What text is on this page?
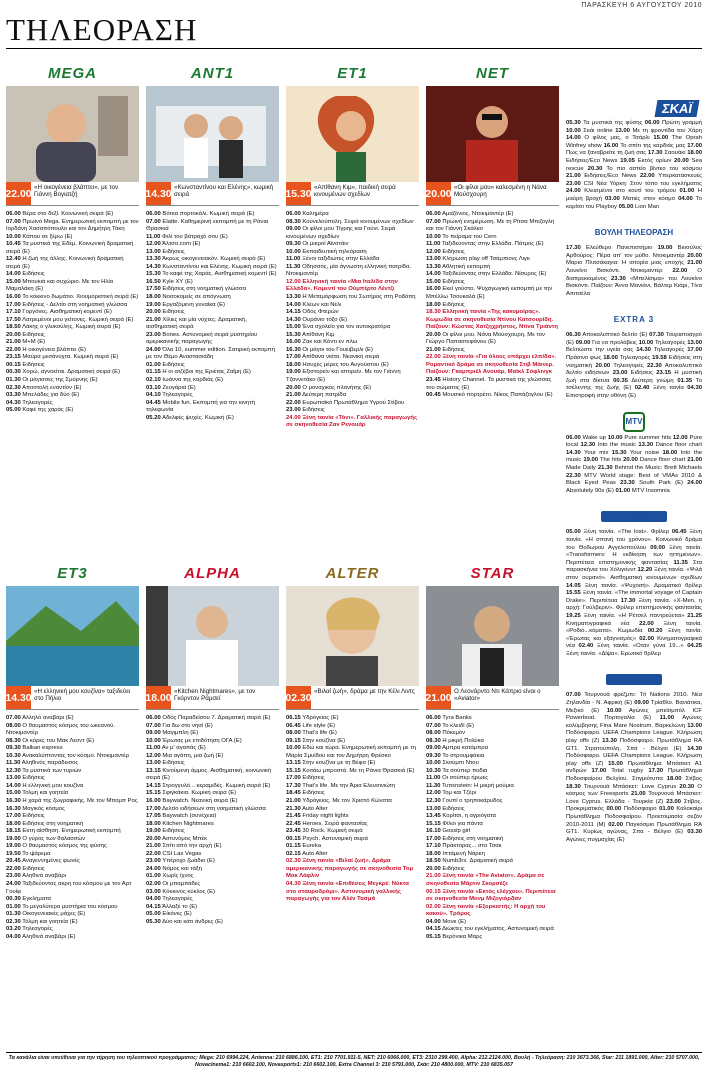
ΠΑΡΑΣΚΕΥΗ 6 ΑΥΓΟΥΣΤΟΥ 2010
ΤΗΛΕΟΡΑΣΗ
MEGA
22.00 «Η οικογένεια βλάπτει», με τον Γιάννη Βογιατζή
06.00 Βέρα στο δεξί. Κοινωνική σειρά (Ε)
07.00 Πρωινό Mega. Ενημερωτική εκπομπή με τον Ιορδάνη Χασαπόπουλο και τον Δημήτρη Τάκη
10.00 Κάπου σε ξέρω (Ε)
10.45 Τα μυστικά της Εδέμ. Κοινωνική δραματική σειρά (Ε)
12.40 Η ζωή της άλλης. Κοινωνική δραματική σειρά (Ε)
14.00 Ειδήσεις
15.00 Μπουκιά και συχώριο. Με τον Ηλία Μαμαλάκη (Ε)
16.00 Το κόκκινο δωμάτιο. Χιουμοριστική σειρά (Ε)
17.00 Ειδήσεις - Δελτίο στη νοηματική γλώσσα
17.10 Γοργόνες. Αισθηματική κομεντί (Ε)
17.50 Λατρεμένοι μου γείτονες. Κωμική σειρά (Ε)
18.50 Λάκης ο γλυκούλης. Κωμική σειρά (Ε)
20.00 Ειδήσεις
21.00 M+M (E)
22.00 Η οικογένεια βλάπτει (Ε)
23.15 Μαύρα μεσάνυχτα. Κωμική σειρά (Ε)
00.15 Ειδήσεις
00.30 Χορώ, αγνοείται. Δραματική σειρά (Ε)
01.30 Οι μάγισσες της Σμύρνης (Ε)
02.30 Αποστολή εναντίον (Ε)
03.30 Μπελάδες για δύο (Ε)
04.30 Τηλεαγορές
05.00 Καφέ της χαράς (Ε)
ANT1
14.30 «Κωνσταντίνου και Ελένης», κωμική σειρά
06.00 Βότκα πορτοκάλι. Κωμική σειρά (Ε)
07.00 Elatte. Καθημερινή εκπομπή με τη Ράνια Θρασκιά
11.00 Φιλί του βάτραχό σου (Ε)
12.00 Άλτσο.com (Ε)
13.00 Ειδήσεις
13.30 Άκρως οικογενειακόν. Κωμική σειρά (Ε)
14.30 Κωνσταντίνου και Ελένης. Κωμική σειρά (Ε)
15.30 Το καφέ της Χαράς. Αισθηματική κομεντί (Ε)
16.50 Kyle XY (Ε)
17.50 Ειδήσεις στη νοηματική γλώσσα
18.00 Νοσοκομείς σε απόγνωση
19.00 Εργαζόμενη γυναίκα (Ε)
20.00 Ειδήσεις
21.00 Χίλιες και μία νύχτες. Δραματική, αισθηματική σειρά
23.00 Bones. Αστυνομική σειρά μυστηρίου αμερικανικής παραγωγής
24.00 Όλα 10, summer edition. Σατιρική εκπομπή με τον Θέμο Αναστασιάδη
01.00 Ειδήσεις
01.15 Η οι ατζέβοι της Εριέτας Ζαΐμη (Ε)
02.10 Ιωάννα της καρδιάς (Ε)
03.10 Ζευγάρια (Ε)
04.10 Τηλεαγορές
04.45 Mobile fun. Εκπομπή για την κινητή τηλεφωνία
05.20 Αδελφές ψυχές. Κωμική (Ε)
ET1
15.30 «Απίθανη Κιμ», παιδική σειρά κινουμένων σχεδίων
06.00 Καλημέρα
08.30 Κουνελούπολη. Σειρά κινουμένων σχεδίων
09.00 Οι φίλοι μου Τίγρης και Γούνι. Σειρά κινουμένων σχεδίων
09.30 Οι μικροί Αϊνστάιν
10.00 Εκπαιδευτική τηλεόραση
11.00 Ξένοι ταξιδιώτες στην Ελλάδα
11.30 Οδησσός, μία άγνωστη ελληνική πατρίδα. Ντοκιμαντέρ
12.00 Ελληνική ταινία «Μια Ιταλίδα στην Ελλάδα». Κομεντί του Ούμπέρτο Λέντζι
13.30 Η Μεταμόρφωση του Σωτήρος στη Ροδόπη
14.00 Κλέων και Νέλι
14.15 Οδός Φτερών
14.30 Ουράνιο τόξο (Ε)
15.00 Ένα σχολείο για τον αυτοκρατόρα
15.30 Απίθανη Κιμ
16.00 Ζακ και Κόντι εν πλω
16.30 Οι μάγοι του Γουέιβερλι (Ε)
17.00 Απίθανα νιάτα. Νεανική σειρά
18.00 Ησυχές μέρες του Αυγούστου (Ε)
19.00 Εξιστορείν και ιστορείν. Με τον Γιάννη Τζαννετάκο (Ε)
20.00 Ο μοναχικός πλανήτης (Ε)
21.00 Δεύτερη πατρίδα
22.00 Ευρωπαϊκό Πρωτάθλημα Υγρού Στίβου
23.00 Ειδήσεις
24.00 Ξένη ταινία «Τόνι». Γαλλικής παραγωγής σε σκηνοθεσία Ζαν Ρενουάρ
NET
20.00 «Οι φίλοι μου» καλεσμένη η Νάνα Μούσχουρη
06.00 Αμαζόνιος. Ντοκιμαντέρ (Ε)
07.00 Πρωινή ενημέρωση. Με τη Ρίτσα Μπιζογλη και τον Γιάννη Σκάλκο
10.00 Το πείραμα του Cern
11.00 Ταξιδεύοντας στην Ελλάδα. Πάτμος (Ε)
12.00 Ειδήσεις
13.00 Κλήρωση play off Τσάμπιονς Λιγκ
13.30 Αθλητική εκπομπή
14.00 Ταξιδεύοντας στην Ελλάδα. Νίσυρος (Ε)
15.00 Ειδήσεις
16.00 Εκεί γούστο. Ψυχαγωγική εκπομπή με την Μπέλλω Τσουκαλά (Ε)
18.00 Ειδήσεις
18.30 Ελληνική ταινία «Της κακομοίρας». Κωμωδία σε σκηνοθεσία Ντίνου Κατσουρίδη. Παίζουν: Κώστας Χατζηχρήστος, Ντίνα Τριάντη
20.00 Οι φίλοι μου. Νάνα Μούσχουρη. Με τον Γιώργο Παπαστεφάνου (Ε)
21.00 Ειδήσεις
22.00 Ξένη ταινία «Για όλους υπάρχει ελπίδα». Ρομαντικό δράμα σε σκηνοθεσία Στιβ Μάινερ. Παίζουν: Γκαμπριέλ Ανουάρ, Μαϊκλ Σόφλινγκ
23.45 History Channel. Τα μυστικά της γλώσσας του σώματος (Ε)
00.45 Μουσικό πορτρέτο. Νίκος Παπάζογλου (Ε)
ΕΤ3
14.30 «Η ελληνική μου κουζίνα» ταξιδεύει στο Πήλιο
07.00 Αλληλό αναβάρι (Ε)
08.00 Ο θαυμαστός κόσμος του ωκεανού. Ντοκιμαντέρ
08.30 Οι κόρες του Μακ Λεοντ (Ε)
09.30 Balkan express
10.30 Ανακαλύπτοντας τον κόσμο. Ντοκιμαντέρ
11.30 Αληθινός παράδεισος
12.30 Τα μυστικά των τυριών
13.00 Ειδήσεις
14.00 Η ελληνική μου κουζίνα
15.00 Τόλμη και γοητεία
16.30 Η χαρά της ζωγραφικής. Με τον Μπομπ Ρος
16.30 Μαγικός κόσμος
17.00 Ειδήσεις
18.00 Ειδήσεις στη νοηματική
18.15 Εκτη αίσθηση. Ενημερωτική εκπομπή
19.00 Ο γύρος των θαλασσών
19.00 Ο θαυμαστός κόσμος της φύσης
19.50 Το ψάρεμα
20.45 Αναγεννημένες φωνές
22.00 Ειδήσεις
23.00 Αληθινά αναβάρι
24.00 Ταξιδεύοντας ακρη του κόσμου με τον Αρτ Γουίφ
00.30 Εγκλήματα
01.00 Το μεγαλύτερα μυστήρια του κόσμου
01.30 Οικογενειακές μάχες (Ε)
02.30 Τόλμη και γοητεία (Ε)
03.20 Τηλεαγορές
04.00 Αληθινά αναβάρι (Ε)
ALPHA
18.00 «Kitchen Nightmares», με τον Γκόρντον Ράμσεϊ
06.00 Οδός Παραδείσου 7. Δραματική σειρά (Ε)
07.00 Για δω στο νησί (Ε)
09.00 Μαγιμπλη (Ε)
10.00 Έρωτας με επιδότηση ΟΓΑ (Ε)
11.00 Αν μ' αγαπάς (Ε)
12.00 Μια αγάπη, μια ζωή (Ε)
13.00 Ειδήσεις
13.15 Κινούμενη άμμος. Αισθηματική, κοινωνική σειρά (Ε)
14.15 Στρογγυλό... κεραμιδές. Κωμική σειρά (Ε)
15.15 Σφιγκάκια. Κωμική σειρά (Ε)
16.00 Baywatch. Νεανική σειρά (Ε)
17.00 Δελτίο ειδήσεων στη νοηματική γλώσσα
17.05 Baywatch (συνέχεια)
18.00 Kitchen Nightmares
19.00 Ειδήσεις
20.00 Αστυνόμος Μπέκ
21.00 Σπίτι από την αρχή (Ε)
22.00 CSI Las Vegas
23.00 Υπέροχο ζωάδιο (Ε)
24.00 Νόμος και τάξη
01.00 Χωρίς ίχνος
02.00 Οι μπαμπάδες
03.00 Κόκκινος κύκλος (Ε)
04.00 Τηλεαγορές
04.15 Άλλαξέ το (Ε)
05.00 Είκόνες (Ε)
05.30 Δύο και κάτι άνδρες (Ε)
ALTER
02.30 «Βιλαί ζωή», δράμα με την Κέλι Λιντς
06.15 Υδρόγειος (Ε)
06.45 Life style (Ε)
08.00 That's life (Ε)
09.15 Στην κουζίνα (Ε)
10.00 Εδώ και τώρα. Ενημερωτική εκπομπή με τη Μαρία Σμυίδου και τον Δημήτρη Φρέσκο
13.15 Στην κουζίνα με τη Βέφα (Ε)
15.15 Κοιτάω μπροστά. Με τη Ράνια Θρασκιά (Ε)
17.00 Ειδήσεις
17.30 That's life. Με την Άρια Ελευσινιώτη
18.45 Ειδήσεις
21.00 Υδρόγειος. Με τον Χριστό Κώνστα
21.30 Auto Alter
21.45 Friday night lights
22.45 Heroes. Σειρά φαντασίας
23.45 30 Rock. Κωμική σειρά
00.15 Psych. Αστυνομική σειρά
01.15 Eureka
02.15 Auto Alter
02.30 Ξένη ταινία «Βιλαί ζωή». Δράμα αμερικανικής παραγωγής σε σκηνοθεσία Τομ Μακ Λάφλιν
04.30 Ξένη ταινία «Επιθέσεις Μεγκρέ: Νύκτα στο σταυροδρόμι». Αστυνομική γαλλικής παραγωγής για τον Αλέν Τασμά
STAR
21.00 Ο Λεονάρντο Ντι Κάπριο είναι ο «Aviator»
06.00 Tyra Banks
07.00 Το κλειδί (Ε)
08.00 Πόκεμον
08.30 Η μικρή Πολύκα
09.00 Αμπρα κατάμπρα
09.30 Το στρουμφάκια
10.00 Σκούμπι Ντου
10.30 Τα σούπερ ποδιά
11.00 Οι σούπερ ήρωες
11.30 Τυπεnstein: Η μικρή μούμια
12.00 Τομ και Τζέρι
12.30 Γουπί ο τρηποκάρυδος
13.00 Ειδήσεις
13.45 Κορίτσι, η αγριόγατα
15.15 Φίλοι για πάντα
16.10 Gossip girl
17.00 Ειδήσεις στη νοηματική
17.10 Πράκτορας... στο Τσακ
18.00 Ιπτάμενή Νάρκη
18.50 Numb3rs. Δραματική σειρά
20.00 Ειδήσεις
21.00 Ξένη ταινία «The Aviator». Δράμα σε σκηνοθεσία Μάρτιν Σκορσέζε
00.15 Ξένη ταινία «Εκτός ελέγχου». Περιπέτεια σε σκηνοθεσία Μονμ Μιζογιόρδαν
02.00 Ξένη ταινία «Εξορκιστής: Η αρχή του κακού». Τρόμος
04.00 Μονκ (Ε)
04.15 Διώκτες του εγκλήματος. Αστυνομική σειρά
05.15 Βερόνικα Μαρς
ΣΚΑΪ
05.30 Τα μυστικά της φύσης 06.00 Πρώτη γραμμή 10.00 Σκάι online 13.00 Με τη φροντίδα του Χάρη 14.00 Ο φίλος μας, ο Τσάρλι 15.00 The Oprah Winfrey show 16.00 Το σπίτι της καρδιάς μας 17.00 Πώς να ξαναβρείτε τη ζωή σας 17.30 Σαουάκι 18.00 Ειδήσεις/Eco News 19.05 Εκτός ορίων 20.00 Sea rescue 20.30 Το πιο αστείο βίντεο του κόσμου 21.00 Ειδήσεις/Eco News 22.00 Υπερκατασκευές 23.00 CSI Νέα Υόρκη: Στον τόπο του εγκλήματος 24.00 Κλεισμένοι στο κουτί του τρόμου 01.00 Η μαύρη βροχή 03.00 Ματιές στον κόσμο 04.00 Το κορίτσι του Playboy 05.00 Lion Man
ΒΟΥΛΗ ΤΗΛΕΟΡΑΣΗ
17.30 Ελεύθερο Πανεπιστήμιο 19.00 Βιοσύλος Αρθούρος: Πέρα απ' τον μύθο. Ντοκιμαντέρ 20.00 Μαριο Πλιτσάκαγια: Η ιστορία μιας εποχής 21.00 Λουκίνο Βισκόντι. Ντοκιμαντέρ 22.00 Ο διαπρεκιαμένος 23.30 «Μπελίσιμα» του Λουκίνο Βισκόντι. Παίζουν: Άννα Μανιάνι, Βάλτερ Κιάρι, Τίνα Απιτσέλα
EXTRA 3
06.30 Αποκαλυπτικό δελτίο (Ε) 07.30 Τουριστοαγρό (Ε) 09.00 Για να προλάβεις 10.00 Τηλεαγορές 13.00 Βελτιώστε την υγεία σας 14.30 Τηλεαγορές 17.00 Πράσινο φως 18.00 Τηλεαγορές 19.58 Ειδήσεις στη νοηματική 20.00 Τηλεαγορές 22.30 Αποκαλυπτικό δελτίο ειδήσεων 23.00 Ειδήσεις 23.15 Η μυστική ζωή στα δίκτυα 00.35 Δεύτερη γνώμη 01.35 Το τσέλεντης της ζωής (Ε) 02.40 Ξένη ταινία 04.30 Επιστροφή στην οθόνη (Ε)
MTV
06.00 Wake up 10.00 Pure summer hits 12.00 Pure local 12.30 Into the music 13.30 Dance floor chart 14.30 Your mix 15.30 Your noise 18.00 Into the music 19.00 The hits 20.00 Dance floor chart 21.00 Made Daily 21.30 Behind the Music: Brett Michaels 22.30 MTV World stage: Best of VMAs 2010 & Black Eyed Peas 23.30 South Park (E) 24.00 Absolutely 90s (E) 01.00 MTV Insomnia
nova cinema 1
05.00 Ξένη ταινία. «The lost». Φρίλερ 06.45 Ξένη ταινία. «Η σπανή του χρόνου». Κοινωνικό δράμα του Θοδωρου Αγγελοπούλου 09.00 Ξένη ταινία. «Transformers: Η εκδίκηση των ηττημένων». Περιπέτεια επιστημονικής φαντασίας 11.35 Στα παρασκήνια του Χόλιγουντ 12.20 Ξένη ταινία. «Ψιλά στον ουρανό». Αισθηματική κινουμένων σχεδίων 14.05 Ξένη ταινία. «Ψυχοσή». Δραματικό θρίλερ 15.55 Ξένη ταινία. «The immortal voyage of Captain Drake». Περιπέτεια 17.30 Ξένη ταινία. «X-Men, η αρχή: Γούλβεριν». Φρίλερ επιστημονικής φαντασίας 19.25 Ξένη ταινία. «Η Ρέτσελ παντρεύεται» 21.25 Κινηματογραφικά νέα 22.00 Ξένη ταινία. «Ροδιό...κόματα». Κωμωδία 00.20 Ξένη ταινία. «Έρωτας και εξαγνισμός» 02.00 Κινηματογραφικά νέα 02.40 Ξένη ταινία. «Οταν γύνα 19...» 04.25 Ξένη ταινία. «Δίψα». Ερωτικό θρίλερ
nova sports
07.00 Τουρνουά φρέζμπι: Tri Nations 2010. Νέα Ζηλανδία - Ν. Αφρική (Ε) 09.00 Τρίαθλο. Βανιάτικα, Μεξικό (Ε) 10.00 Αγώνες μπεϊσμπόλ ICF Powerboat. Πορτογαλία (Ε) 11.00 Αγώνες κολύμβησης Fina Mare Nostrum. Βαρκελώνη 13.00 Ποδόσφαιρο. UEFA Champions League. Κλήρωση play offs (Z) 13.30 Ποδόσφαιρο. Πρωτάθλημα RA GT1. Στρατούπολη, Σπά - Βέλγιο (Ε) 14.30 Ποδόσφαιρο. UEFA Champions League. Κλήρωση play offs (Z) 15.00 Πρωτάθλημα Μπάσκετ Α1 ανδρών 17.00 Total rugby 17.30 Πρωτάθλημα Ποδοσφαίρου Βελγίου. Στιγμιότυπα 18.00 Στίβος 18.30 Τουρνουά Μπάσκετ: Love Cyprus 20.30 Ο κόσμος των Freesports 21.00 Τουρνουά Μπάσκετ: Love Cyprus. Ελλάδα - Τουρκία (Z) 23.00 Στίβος. Προκριματικός 00.00 Ποδόσφαιρο 01.00 Καλοκαίρι Πρωτάθλημα Ποδοσφαίρου. Προετοιμασία σεζόν 2010-2011 (M) 02.00 Παγκόσμιο Πρωτάθλημα RA GT1. Κυρίως αγώνας, Σπα - Βέλγιο (Ε) 03.30 Αγώνες πυγμαχίας (Ε)
Τα κανάλια είναι υπεύθυνα για την τήρηση του τηλεοπτικού προγράμματος: Mega: 210 6994.224, Antenna: 210 6886.100, ΕΤ1: 210 7701.911-5, ΝΕΤ: 210 6066.000, ΕΤ3: 2310 299.400, Alpha: 212.2124.000, Βουλή - Τηλεόραση: 210 3673.366, Star: 211 1891.000, Alter: 210 5707.000, Novacinema1: 210 6602.100, Novasports1: 210 6602.100, Extra Channel 3: 210 5791.000, Σκάι: 210 4800.000, MTV: 210 6835.057
